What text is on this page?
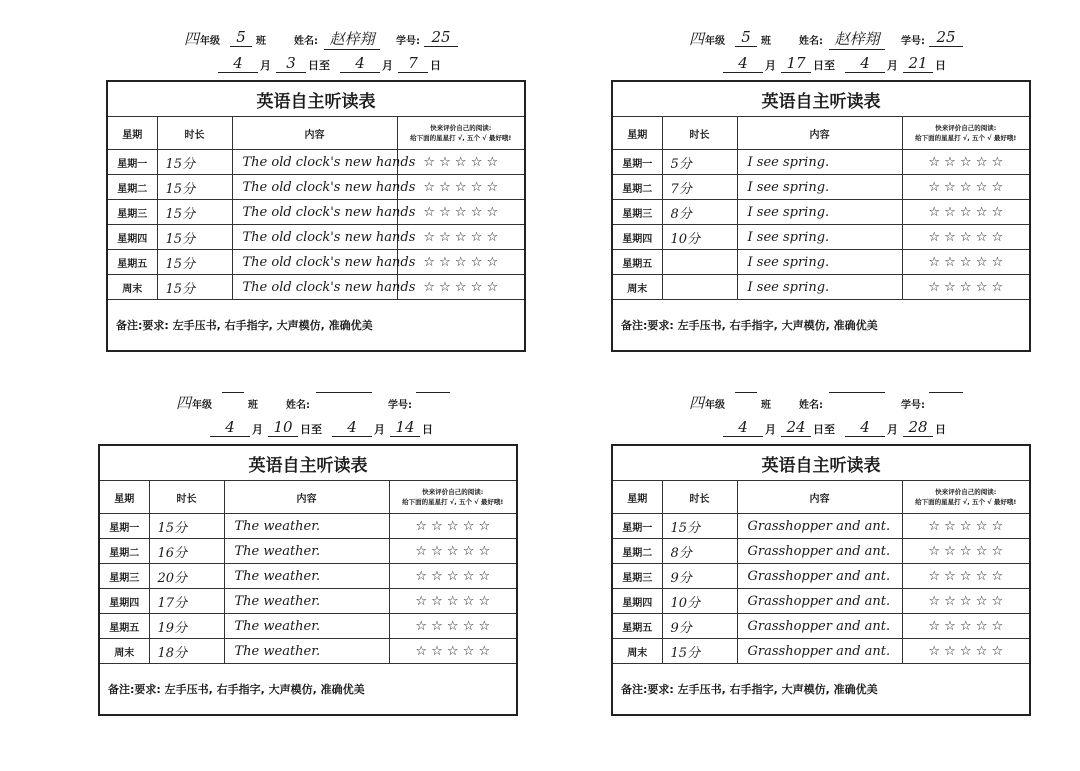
四 年级	5	班	姓名: 赵梓翔	学号: 25
4	月	3	日至	4	月	7	日
英语自主听读表			
星期	时长	内容	快来评价自己的阅读:
给下面的星星打 √, 五个 √ 最好哦!

星期一	15分	The old clock's new hands	☆ ☆ ☆ ☆ ☆
星期二	15分	The old clock's new hands	☆ ☆ ☆ ☆ ☆
星期三	15分	The old clock's new hands	☆ ☆ ☆ ☆ ☆
星期四	15分	The old clock's new hands	☆ ☆ ☆ ☆ ☆
星期五	15分	The old clock's new hands	☆ ☆ ☆ ☆ ☆
周末	15分	The old clock's new hands	☆ ☆ ☆ ☆ ☆
备注:要求: 左手压书, 右手指字, 大声模仿, 准确优美			
四 年级	5	班	姓名: 赵梓翔	学号: 25
4	月 17 日至	4	月 21 日
英语自主听读表			
星期	时长	内容	快来评价自己的阅读:
给下面的星星打 √, 五个 √ 最好哦!

星期一	5分	I see spring.	☆ ☆ ☆ ☆ ☆
星期二	7分	I see spring.	☆ ☆ ☆ ☆ ☆
星期三	8分	I see spring.	☆ ☆ ☆ ☆ ☆
星期四	10分	I see spring.	☆ ☆ ☆ ☆ ☆
星期五		I see spring.	☆ ☆ ☆ ☆ ☆
周末		I see spring.	☆ ☆ ☆ ☆ ☆
备注:要求: 左手压书, 右手指字, 大声模仿, 准确优美			
四 年级	班	姓名:	学号:
4	月 10 日至	4	月 14 日
英语自主听读表			
星期	时长	内容	快来评价自己的阅读:
给下面的星星打 √, 五个 √ 最好哦!

星期一	15分	The weather.	☆ ☆ ☆ ☆ ☆
星期二	16分	The weather.	☆ ☆ ☆ ☆ ☆
星期三	20分	The weather.	☆ ☆ ☆ ☆ ☆
星期四	17分	The weather.	☆ ☆ ☆ ☆ ☆
星期五	19分	The weather.	☆ ☆ ☆ ☆ ☆
周末	18分	The weather.	☆ ☆ ☆ ☆ ☆
备注:要求: 左手压书, 右手指字, 大声模仿, 准确优美			
四 年级	班	姓名:	学号:
4	月 24 日至	4	月 28 日
英语自主听读表			
星期	时长	内容	快来评价自己的阅读:
给下面的星星打 √, 五个 √ 最好哦!

星期一	15分	Grasshopper and ant.	☆ ☆ ☆ ☆ ☆
星期二	8分	Grasshopper and ant.	☆ ☆ ☆ ☆ ☆
星期三	9分	Grasshopper and ant.	☆ ☆ ☆ ☆ ☆
星期四	10分	Grasshopper and ant.	☆ ☆ ☆ ☆ ☆
星期五	9分	Grasshopper and ant.	☆ ☆ ☆ ☆ ☆
周末	15分	Grasshopper and ant.	☆ ☆ ☆ ☆ ☆
备注:要求: 左手压书, 右手指字, 大声模仿, 准确优美			
